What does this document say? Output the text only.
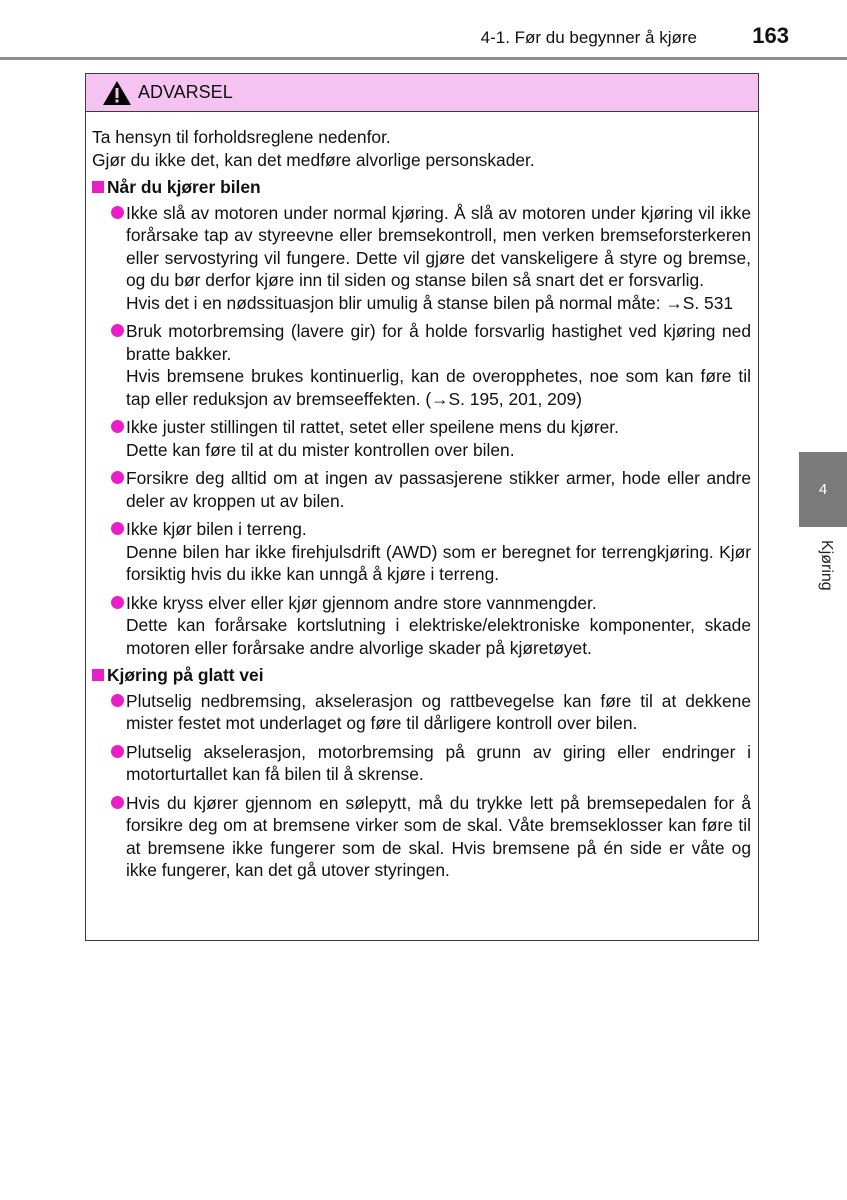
4-1. Før du begynner å kjøre	163
ADVARSEL

Ta hensyn til forholdsreglene nedenfor.

Gjør du ikke det, kan det medføre alvorlige personskader.

Når du kjører bilen

Ikke slå av motoren under normal kjøring. Å slå av motoren under kjøring vil ikke forårsake tap av styreevne eller bremsekontroll, men verken bremseforsterkeren eller servostyring vil fungere. Dette vil gjøre det vanskeligere å styre og bremse, og du bør derfor kjøre inn til siden og stanse bilen så snart det er forsvarlig.

Hvis det i en nødssituasjon blir umulig å stanse bilen på normal måte: →S. 531

Bruk motorbremsing (lavere gir) for å holde forsvarlig hastighet ved kjøring ned bratte bakker.

Hvis bremsene brukes kontinuerlig, kan de overopphetes, noe som kan føre til tap eller reduksjon av bremseeffekten. (→S. 195, 201, 209)

Ikke juster stillingen til rattet, setet eller speilene mens du kjører.

Dette kan føre til at du mister kontrollen over bilen.

Forsikre deg alltid om at ingen av passasjerene stikker armer, hode eller andre deler av kroppen ut av bilen.

Ikke kjør bilen i terreng.

Denne bilen har ikke firehjulsdrift (AWD) som er beregnet for terrengkjøring. Kjør forsiktig hvis du ikke kan unngå å kjøre i terreng.

Ikke kryss elver eller kjør gjennom andre store vannmengder.

Dette kan forårsake kortslutning i elektriske/elektroniske komponenter, skade motoren eller forårsake andre alvorlige skader på kjøretøyet.

Kjøring på glatt vei

Plutselig nedbremsing, akselerasjon og rattbevegelse kan føre til at dekkene mister festet mot underlaget og føre til dårligere kontroll over bilen.

Plutselig akselerasjon, motorbremsing på grunn av giring eller endringer i motorturtallet kan få bilen til å skrense.

Hvis du kjører gjennom en sølepytt, må du trykke lett på bremsepedalen for å forsikre deg om at bremsene virker som de skal. Våte bremseklosser kan føre til at bremsene ikke fungerer som de skal. Hvis bremsene på én side er våte og ikke fungerer, kan det gå utover styringen.

4
Kjøring
